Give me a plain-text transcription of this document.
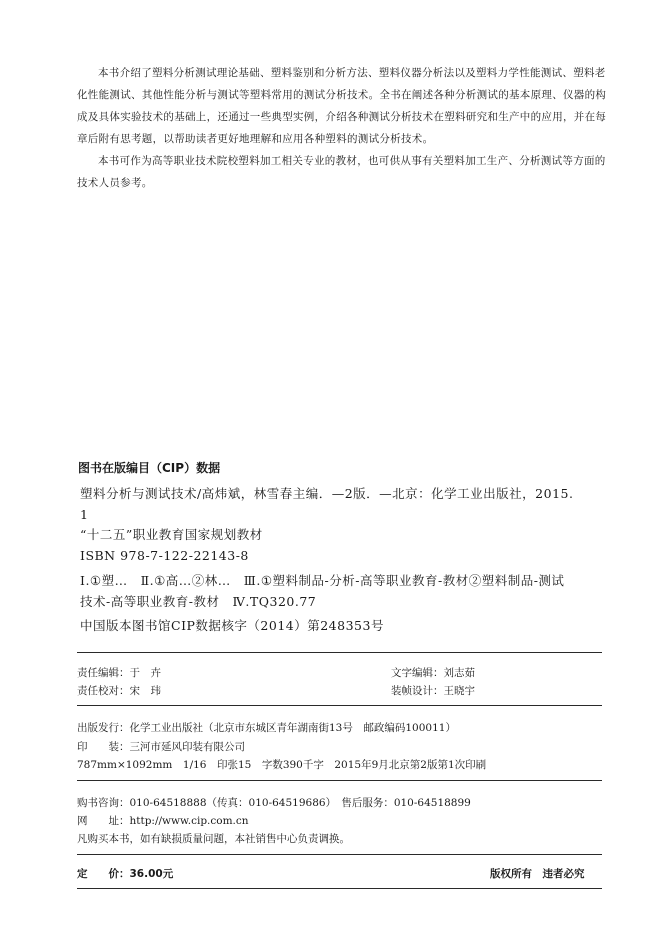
本书介绍了塑料分析测试理论基础、塑料鉴别和分析方法、塑料仪器分析法以及塑料力学性能测试、塑料老化性能测试、其他性能分析与测试等塑料常用的测试分析技术。全书在阐述各种分析测试的基本原理、仪器的构成及具体实验技术的基础上，还通过一些典型实例，介绍各种测试分析技术在塑料研究和生产中的应用，并在每章后附有思考题，以帮助读者更好地理解和应用各种塑料的测试分析技术。

本书可作为高等职业技术院校塑料加工相关专业的教材，也可供从事有关塑料加工生产、分析测试等方面的技术人员参考。

图书在版编目（CIP）数据

塑料分析与测试技术/高炜斌，林雪春主编．—2版．—北京：化学工业出版社，2015.1

“十二五”职业教育国家规划教材

ISBN 978-7-122-22143-8

Ⅰ.①塑…　Ⅱ.①高…②林…　Ⅲ.①塑料制品-分析-高等职业教育-教材②塑料制品-测试技术-高等职业教育-教材　Ⅳ.TQ320.77

中国版本图书馆CIP数据核字（2014）第248353号

责任编辑：于　卉	文字编辑：刘志茹
责任校对：宋　玮	装帧设计：王晓宇
出版发行：化学工业出版社（北京市东城区青年湖南街13号　邮政编码100011）
印　　装：三河市延风印装有限公司
787mm×1092mm　1/16　印张15　字数390千字　2015年9月北京第2版第1次印刷
购书咨询：010-64518888（传真：010-64519686）　售后服务：010-64518899
网　　址：http://www.cip.com.cn
凡购买本书，如有缺损质量问题，本社销售中心负责调换。
定　　价：36.00元	版权所有　违者必究
